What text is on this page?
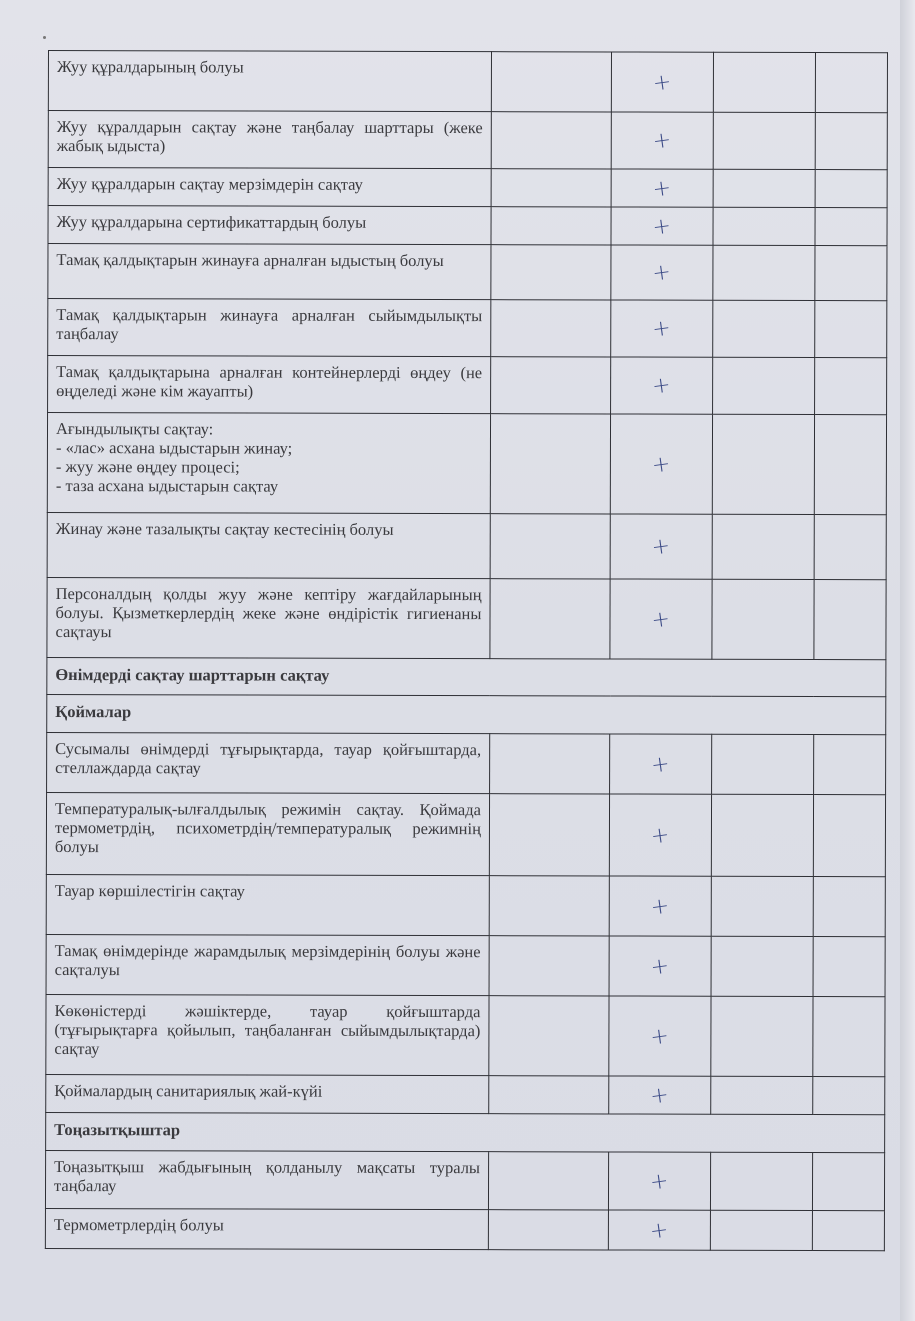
Жуу құралдарының болуы		+		
Жуу құралдарын сақтау және таңбалау шарттары (жеке жабық ыдыста)		+		
Жуу құралдарын сақтау мерзімдерін сақтау		+		
Жуу құралдарына сертификаттардың болуы		+		
Тамақ қалдықтарын жинауға арналған ыдыстың болуы		+		
Тамақ қалдықтарын жинауға арналған сыйымдылықты таңбалау		+		
Тамақ қалдықтарына арналған контейнерлерді өңдеу (не өңделеді және кім жауапты)		+		
Ағындылықты сақтау:
- «лас» асхана ыдыстарын жинау;
- жуу және өңдеу процесі;
- таза асхана ыдыстарын сақтау		+		
Жинау және тазалықты сақтау кестесінің болуы		+		
Персоналдың қолды жуу және кептіру жағдайларының болуы. Қызметкерлердің жеке және өндірістік гигиенаны сақтауы		+		
Өнімдерді сақтау шарттарын сақтау				
Қоймалар				
Сусымалы өнімдерді тұғырықтарда, тауар қойғыштарда, стеллаждарда сақтау		+		
Температуралық-ылғалдылық режимін сақтау. Қоймада термометрдің, психометрдің/температуралық режимнің болуы		+		
Тауар көршілестігін сақтау		+		
Тамақ өнімдерінде жарамдылық мерзімдерінің болуы және сақталуы		+		
Көкөністерді жәшіктерде, тауар қойғыштарда (тұғырықтарға қойылып, таңбаланған сыйымдылықтарда) сақтау		+		
Қоймалардың санитариялық жай-күйі		+		
Тоңазытқыштар				
Тоңазытқыш жабдығының қолданылу мақсаты туралы таңбалау		+		
Термометрлердің болуы		+		
